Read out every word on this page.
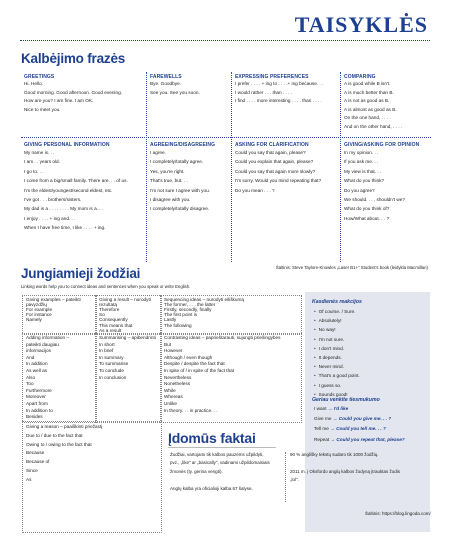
TAISYKLĖS
Kalbėjimo frazės
GREETINGS
Hi. Hello.
Good morning. Good afternoon. Good evening.
How are you? I am fine. I am OK.
Nice to meet you.
FAREWELLS
Bye. Goodbye.
See you. See you soon.
EXPRESSING PREFERENCES
I prefer . . . . + ing to . . . .+ ing because. . .
I would rather . . . than . . . .
I find . . . . more interesting . . . . than . . . .
COMPARING
A is good while B isn't.
A is much better than B.
A is not as good as B.
A is almost as good as B.
On the one hand, . . . .
And on the other hand, . . . .
GIVING PERSONAL INFORMATION
My name is. . .
I am . . years old.
I go to. . .
I come from a big/small family. There are. . . of us.
I'm the eldest/youngest/second eldest, etc.
I've got . . . brothers/sisters.
My dad is a . . . . . . . . My mom is a. . .
I enjoy . . . . + ing and. . .
When I have free time, I like . . . . + ing.
AGREEING/DISAGREEING
I agree.
I completely/totally agree.
Yes, you're right.
That's true, but. . .
I'm not sure I agree with you.
I disagree with you.
I completely/totally disagree.
ASKING FOR CLARIFICATION
Could you say that again, please?
Could you explain that again, please?
Could you say that again more slowly?
I'm sorry. Would you mind repeating that?
Do you mean . . . ?
GIVING/ASKING FOR OPINION
In my opinion. . .
If you ask me. . .
My view is that. . .
What do you think?
Do you agree?
We should. . . , shouldn't we?
What do you think of?
How/What about. . . ?
Šaltinis: Steve Taylore-Knowles „Laser B1+" Student's book (leidykla Macmillan)
Jungiamieji žodžiai
Linking words help you to connect ideas and sentences when you speak or write English.
Giving examples – pateikti
pavyzdžių
For example
For instance
Namely
Giving a result – nurodyti
rezultatą
Therefore
So
Consequently
This means that
As a result
Sequencing ideas – nurodyti eiliškumą
The former, . . . the latter
Firstly, secondly, finally
The first point is
Lastly
The following
Adding information –
pateikti daugiau
informacijos
And
In addition
As well as
Also
Too
Furthermore
Moreover
Apart from
In addition to
Besides
Summarising – apibendrinti
In short
In brief
In summary
To summarise
To conclude
In conclusion
Contrasting ideas – paprieštarauti, sujungti priešingybes
But
However
Although / even though
Despite / despite the fact that
In spite of / in spite of the fact that
Nevertheless
Nonetheless
While
Whereas
Unlike
In theory. . . in practice. . .
Giving a reason – paaiškinti priežastį
Due to / due to the fact that
Owing to / owing to the fact that
Because
Because of
Since
As
Kasdienės reakcijos
• Of course. / Sure.
• Absolutely!
• No way!
• I'm not sure.
• I don't mind.
• It depends.
• Never mind.
• That's a good point.
• I guess so.
• Sounds good!
Geriau venkite tiesmukumo
I want → I'd like
Give me → Could you give me. . . ?
Tell me → Could you tell me. . . ?
Repeat → Could you repeat that, please?
Įdomūs faktai
Žodžiai, vartojami tik kalbos pauzėms užpildyti,
pvz., „like" ar „basically", vadinami užpildomaisiais
žmonės (ty. gerina vengti).
Anglų kalba yra oficialioji kalba 67 šalyse.
90 % anglišky tekstų sudaro tik 1000 žodžių.
2011 m. į Oksfordo anglų kalbos žodyną įtrauktas žodis
„lol".
Šaltinis: https://blog.lingoda.com/
